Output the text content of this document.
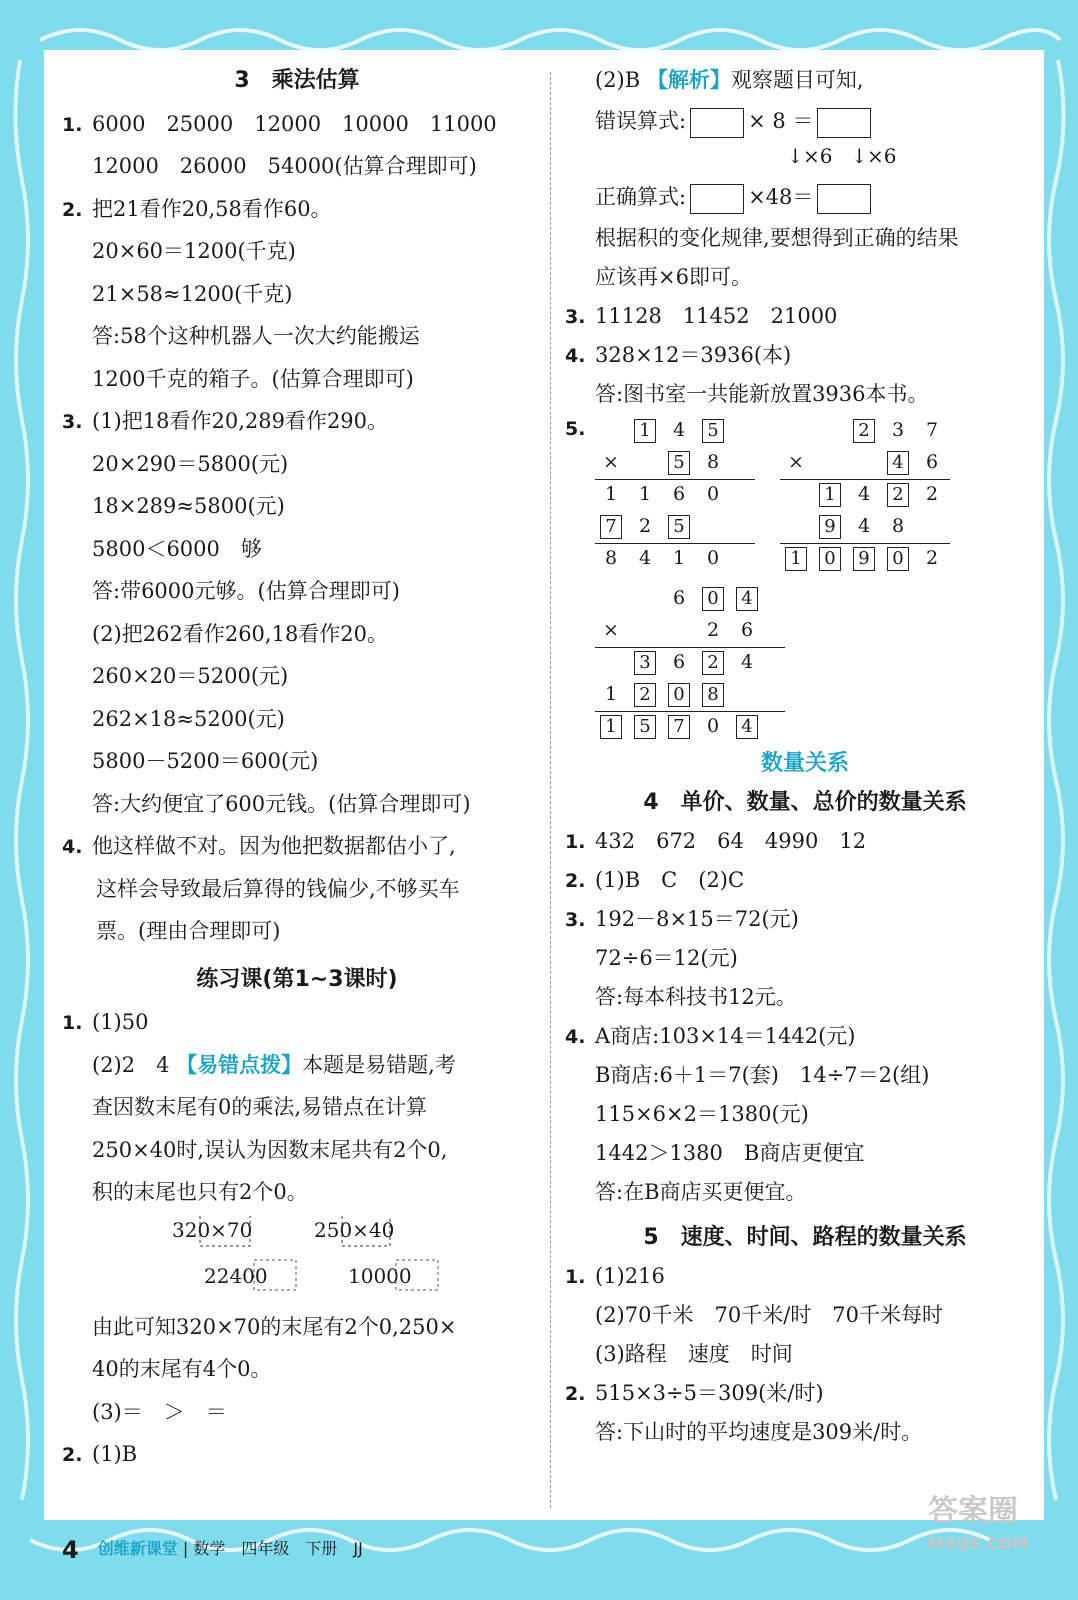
3　乘法估算
1. 6000　25000　12000　10000　11000
12000　26000　54000(估算合理即可)
2. 把21看作20,58看作60。
20×60＝1200(千克)
21×58≈1200(千克)
答:58个这种机器人一次大约能搬运
1200千克的箱子。(估算合理即可)
3. (1)把18看作20,289看作290。
20×290＝5800(元)
18×289≈5800(元)
5800＜6000　够
答:带6000元够。(估算合理即可)
(2)把262看作260,18看作20。
260×20＝5200(元)
262×18≈5200(元)
5800－5200＝600(元)
答:大约便宜了600元钱。(估算合理即可)
4. 他这样做不对。因为他把数据都估小了,
这样会导致最后算得的钱偏少,不够买车
票。(理由合理即可)
练习课(第1~3课时)
1. (1)50
(2)2　4 【易错点拨】本题是易错题,考
查因数末尾有0的乘法,易错点在计算
250×40时,误认为因数末尾共有2个0,
积的末尾也只有2个0。
320×70
22400
250×40
10000
由此可知320×70的末尾有2个0,250×
40的末尾有4个0。
(3)＝　＞　＝
2. (1)B
(2)B 【解析】观察题目可知,
错误算式:	× 8 ＝
↓ ×6 ↓ ×6
正确算式:	×48＝
根据积的变化规律,要想得到正确的结果
应该再×6即可。
3. 11128　11452　21000
4. 328×12＝3936(本)
答:图书室一共能新放置3936本书。
5.	1	4	5
×	5	8
1	1	6	0
7	2	5
8	4	1	0
2	3	7
×	4	6
1	4	2	2
9	4	8
1	0	9	0	2
6	0	4
×	2	6
3	6	2	4
1	2	0	8
1	5	7	0	4
数量关系
4　单价、数量、总价的数量关系
1. 432　672　64　4990　12
2. (1)B　C　(2)C
3. 192－8×15＝72(元)
72÷6＝12(元)
答:每本科技书12元。
4. A商店:103×14＝1442(元)
B商店:6＋1＝7(套)　14÷7＝2(组)
115×6×2＝1380(元)
1442＞1380　B商店更便宜
答:在B商店买更便宜。
5　速度、时间、路程的数量关系
1. (1)216
(2)70千米　70千米/时　70千米每时
(3)路程　速度　时间
2. 515×3÷5＝309(米/时)
答:下山时的平均速度是309米/时。
4 创维新课堂 | 数学　四年级　下册　JJ
答案圈
MXQE.COM
